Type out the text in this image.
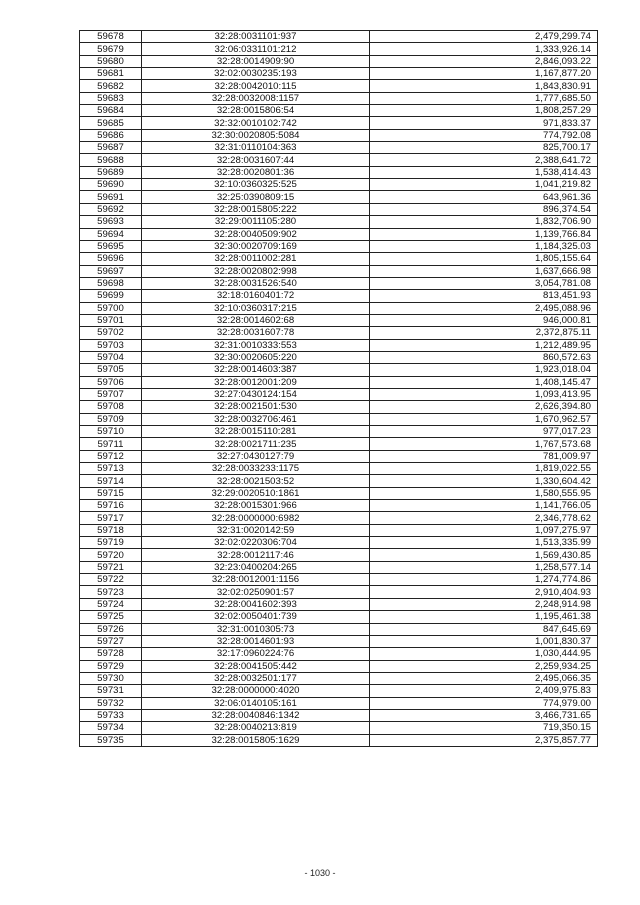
59678	32:28:0031101:937	2,479,299.74
59679	32:06:0331101:212	1,333,926.14
59680	32:28:0014909:90	2,846,093.22
59681	32:02:0030235:193	1,167,877.20
59682	32:28:0042010:115	1,843,830.91
59683	32:28:0032008:1157	1,777,685.50
59684	32:28:0015806:54	1,808,257.29
59685	32:32:0010102:742	971,833.37
59686	32:30:0020805:5084	774,792.08
59687	32:31:0110104:363	825,700.17
59688	32:28:0031607:44	2,388,641.72
59689	32:28:0020801:36	1,538,414.43
59690	32:10:0360325:525	1,041,219.82
59691	32:25:0390809:15	643,961.36
59692	32:28:0015805:222	896,374.54
59693	32:29:0011105:280	1,832,706.90
59694	32:28:0040509:902	1,139,766.84
59695	32:30:0020709:169	1,184,325.03
59696	32:28:0011002:281	1,805,155.64
59697	32:28:0020802:998	1,637,666.98
59698	32:28:0031526:540	3,054,781.08
59699	32:18:0160401:72	813,451.93
59700	32:10:0360317:215	2,495,088.96
59701	32:28:0014602:68	946,000.81
59702	32:28:0031607:78	2,372,875.11
59703	32:31:0010333:553	1,212,489.95
59704	32:30:0020605:220	860,572.63
59705	32:28:0014603:387	1,923,018.04
59706	32:28:0012001:209	1,408,145.47
59707	32:27:0430124:154	1,093,413.95
59708	32:28:0021501:530	2,626,394.80
59709	32:28:0032706:461	1,670,962.57
59710	32:28:0015110:281	977,017.23
59711	32:28:0021711:235	1,767,573.68
59712	32:27:0430127:79	781,009.97
59713	32:28:0033233:1175	1,819,022.55
59714	32:28:0021503:52	1,330,604.42
59715	32:29:0020510:1861	1,580,555.95
59716	32:28:0015301:966	1,141,766.05
59717	32:28:0000000:6982	2,346,778.62
59718	32:31:0020142:59	1,097,275.97
59719	32:02:0220306:704	1,513,335.99
59720	32:28:0012117:46	1,569,430.85
59721	32:23:0400204:265	1,258,577.14
59722	32:28:0012001:1156	1,274,774.86
59723	32:02:0250901:57	2,910,404.93
59724	32:28:0041602:393	2,248,914.98
59725	32:02:0050401:739	1,195,461.38
59726	32:31:0010305:73	847,645.69
59727	32:28:0014601:93	1,001,830.37
59728	32:17:0960224:76	1,030,444.95
59729	32:28:0041505:442	2,259,934.25
59730	32:28:0032501:177	2,495,066.35
59731	32:28:0000000:4020	2,409,975.83
59732	32:06:0140105:161	774,979.00
59733	32:28:0040846:1342	3,466,731.65
59734	32:28:0040213:819	719,350.15
59735	32:28:0015805:1629	2,375,857.77
- 1030 -
